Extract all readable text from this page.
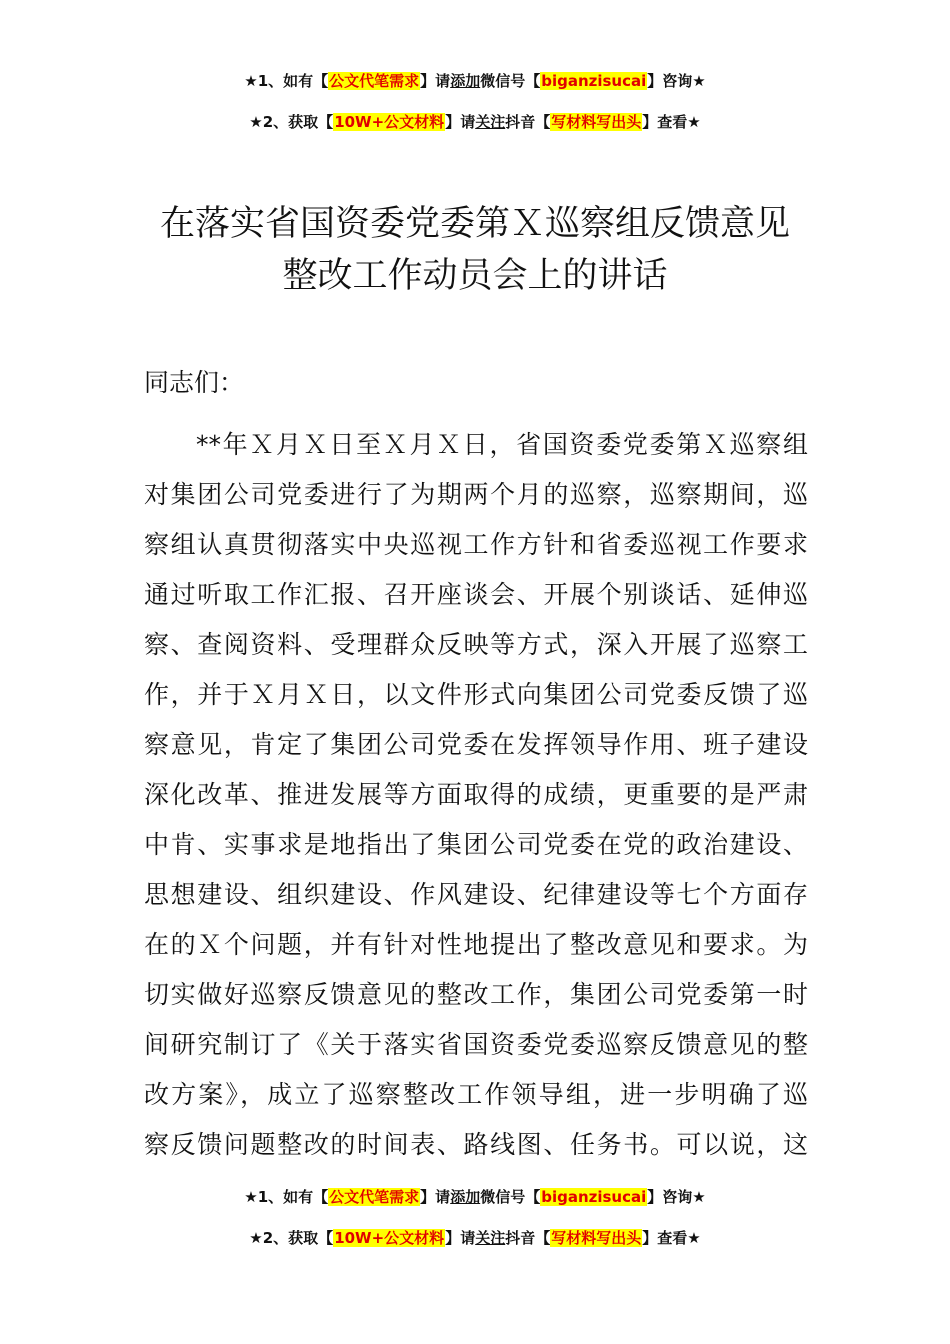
★1、如有【公文代笔需求】请添加微信号【biganzisucai】咨询★
★2、获取【10W+公文材料】请关注抖音【写材料写出头】查看★
在落实省国资委党委第Ｘ巡察组反馈意见
整改工作动员会上的讲话
同志们：
**年Ｘ月Ｘ日至Ｘ月Ｘ日，省国资委党委第Ｘ巡察组
对集团公司党委进行了为期两个月的巡察，巡察期间，巡
察组认真贯彻落实中央巡视工作方针和省委巡视工作要求
通过听取工作汇报、召开座谈会、开展个别谈话、延伸巡
察、查阅资料、受理群众反映等方式，深入开展了巡察工
作，并于Ｘ月Ｘ日，以文件形式向集团公司党委反馈了巡
察意见，肯定了集团公司党委在发挥领导作用、班子建设
深化改革、推进发展等方面取得的成绩，更重要的是严肃
中肯、实事求是地指出了集团公司党委在党的政治建设、
思想建设、组织建设、作风建设、纪律建设等七个方面存
在的Ｘ个问题，并有针对性地提出了整改意见和要求。为
切实做好巡察反馈意见的整改工作，集团公司党委第一时
间研究制订了《关于落实省国资委党委巡察反馈意见的整
改方案》，成立了巡察整改工作领导组，进一步明确了巡
察反馈问题整改的时间表、路线图、任务书。可以说，这
★1、如有【公文代笔需求】请添加微信号【biganzisucai】咨询★
★2、获取【10W+公文材料】请关注抖音【写材料写出头】查看★
